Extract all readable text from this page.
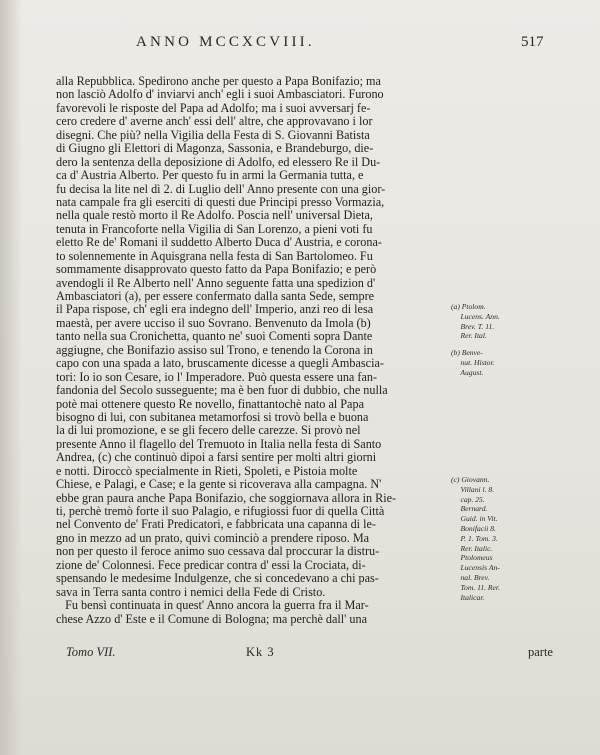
ANNO MCCXCVIII.	517
alla Repubblica. Spedirono anche per questo a Papa Bonifazio; ma
non lasciò Adolfo d' inviarvi anch' egli i suoi Ambasciatori. Furono
favorevoli le risposte del Papa ad Adolfo; ma i suoi avversarj fe-
cero credere d' averne anch' essi dell' altre, che approvavano i lor
disegni. Che più? nella Vigilia della Festa di S. Giovanni Batista
di Giugno gli Elettori di Magonza, Sassonia, e Brandeburgo, die-
dero la sentenza della deposizione di Adolfo, ed elessero Re il Du-
ca d' Austria Alberto. Per questo fu in armi la Germania tutta, e
fu decisa la lite nel dì 2. di Luglio dell' Anno presente con una gior-
nata campale fra gli eserciti di questi due Principi presso Vormazia,
nella quale restò morto il Re Adolfo. Poscia nell' universal Dieta,
tenuta in Francoforte nella Vigilia di San Lorenzo, a pieni voti fu
eletto Re de' Romani il suddetto Alberto Duca d' Austria, e corona-
to solennemente in Aquisgrana nella festa di San Bartolomeo. Fu
sommamente disapprovato questo fatto da Papa Bonifazio; e però
avendogli il Re Alberto nell' Anno seguente fatta una spedizion d'
Ambasciatori (a), per essere confermato dalla santa Sede, sempre
il Papa rispose, ch' egli era indegno dell' Imperio, anzi reo di lesa
maestà, per avere ucciso il suo Sovrano. Benvenuto da Imola (b)
tanto nella sua Cronichetta, quanto ne' suoi Comenti sopra Dante
aggiugne, che Bonifazio assiso sul Trono, e tenendo la Corona in
capo con una spada a lato, bruscamente dicesse a quegli Ambascia-
tori: Io io son Cesare, io l' Imperadore. Può questa essere una fan-
fandonia del Secolo susseguente; ma è ben fuor di dubbio, che nulla
potè mai ottenere questo Re novello, finattantochè nato al Papa
bisogno di lui, con subitanea metamorfosi si trovò bella e buona
la di lui promozione, e se gli fecero delle carezze. Si provò nel
presente Anno il flagello del Tremuoto in Italia nella festa di Santo
Andrea, (c) che continuò dipoi a farsi sentire per molti altri giorni
e notti. Diroccò specialmente in Rieti, Spoleti, e Pistoia molte
Chiese, e Palagi, e Case; e la gente si ricoverava alla campagna. N'
ebbe gran paura anche Papa Bonifazio, che soggiornava allora in Rie-
ti, perchè tremò forte il suo Palagio, e rifugiossi fuor di quella Città
nel Convento de' Frati Predicatori, e fabbricata una capanna di le-
gno in mezzo ad un prato, quivi cominciò a prendere riposo. Ma
non per questo il feroce animo suo cessava dal proccurar la distru-
zione de' Colonnesi. Fece predicar contra d' essi la Crociata, di-
spensando le medesime Indulgenze, che si concedevano a chi pas-
sava in Terra santa contro i nemici della Fede di Cristo.
Fu bensì continuata in quest' Anno ancora la guerra fra il Mar-
chese Azzo d' Este e il Comune di Bologna; ma perchè dall' una
(a) Ptolom.
Lucens. Ann.
Brev. T. 11.
Rer. Ital.
(b) Benve-
nut. Histor.
August.
(c) Giovann.
Villani l. 8.
cap. 25.
Bernard.
Guid. in Vit.
Bonifacii 8.
P. 1. Tom. 3.
Rer. Italic.
Ptolomeus
Lucensis An-
nal. Brev.
Tom. 11. Rer.
Italicar.
Tomo VII.	Kk 3	parte
